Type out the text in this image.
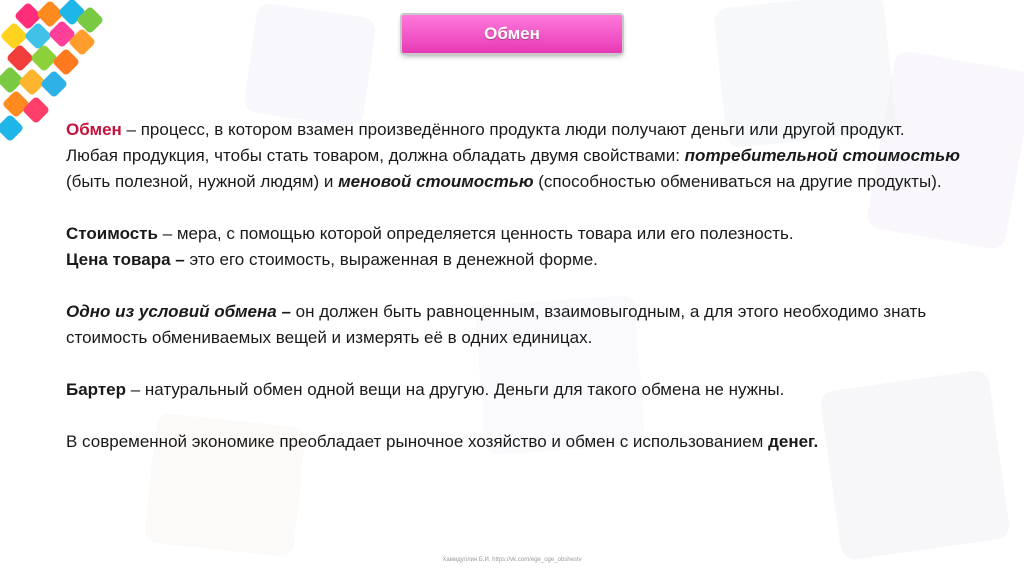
Обмен

Обмен – процесс, в котором взамен произведённого продукта люди получают деньги или другой продукт.

Любая продукция, чтобы стать товаром, должна обладать двумя свойствами: потребительной стоимостью (быть полезной, нужной людям) и меновой стоимостью (способностью обмениваться на другие продукты).

Стоимость – мера, с помощью которой определяется ценность товара или его полезность.

Цена товара – это его стоимость, выраженная в денежной форме.

Одно из условий обмена – он должен быть равноценным, взаимовыгодным, а для этого необходимо знать стоимость обмениваемых вещей и измерять её в одних единицах.

Бартер – натуральный обмен одной вещи на другую. Деньги для такого обмена не нужны.

В современной экономике преобладает рыночное хозяйство и обмен с использованием денег.

Хамидуллин Б.И. https://vk.com/ege_oge_obshestv
